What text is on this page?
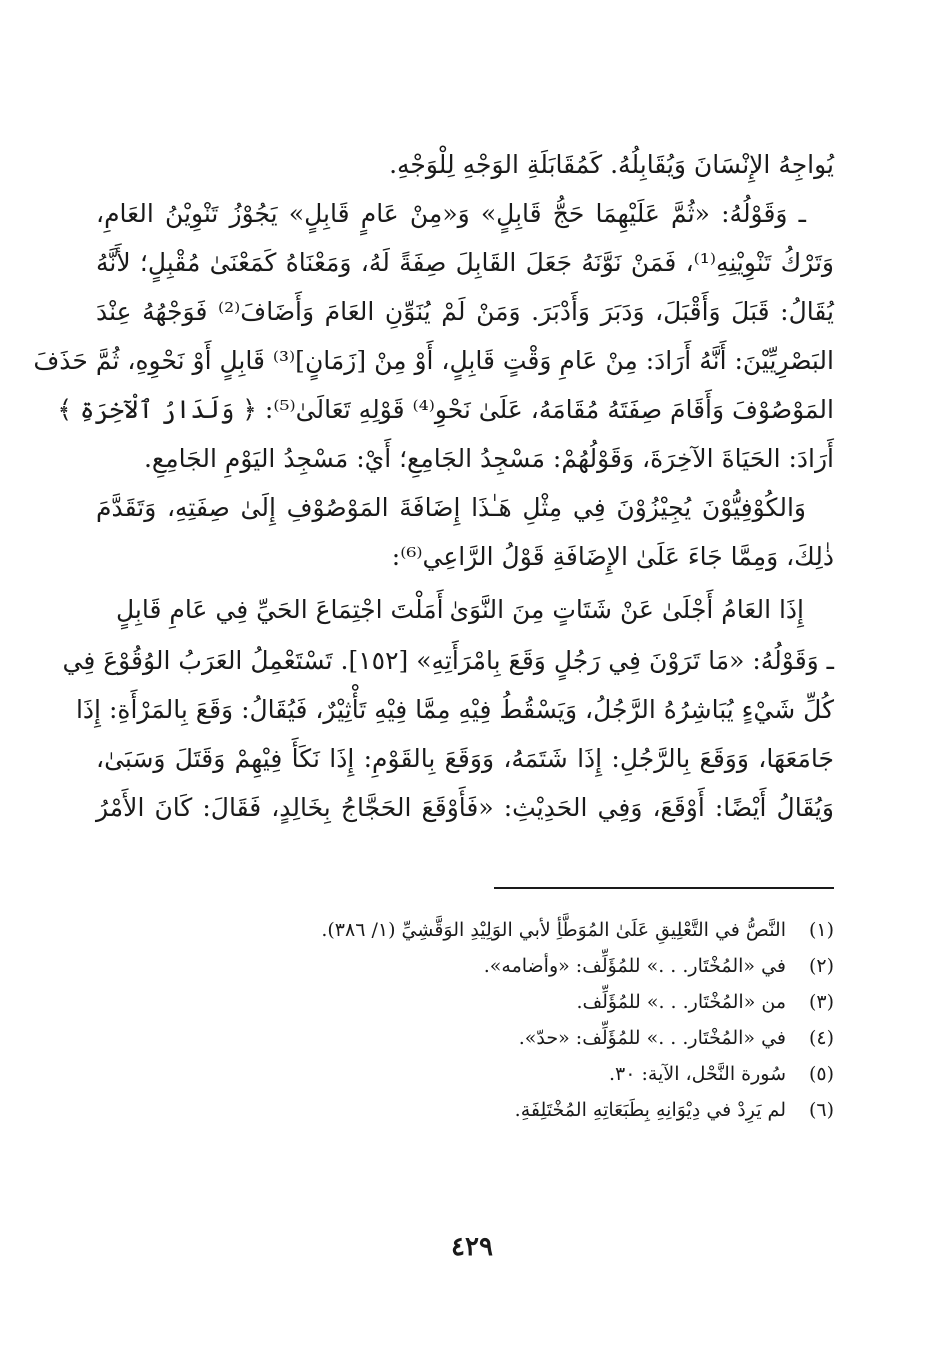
يُواجِهُ الإِنْسَانَ وَيُقَابِلُهُ. كَمُقَابَلَةِ الوَجْهِ لِلْوَجْهِ.
ـ وَقَوْلُهُ: «ثُمَّ عَلَيْهِمَا حَجُّ قَابِلٍ» وَ«مِنْ عَامٍ قَابِلٍ» يَجُوْزُ تَنْوِيْنُ العَامِ،
وَتَرْكُ تَنْوِيْنِهِ⁽¹⁾، فَمَنْ نَوَّنَهُ جَعَلَ القَابِلَ صِفَةً لَهُ، وَمَعْنَاهُ كَمَعْنَىٰ مُقْبِلٍ؛ لأَنَّهُ
يُقَالُ: قَبَلَ وَأَقْبَلَ، وَدَبَرَ وَأَدْبَرَ. وَمَنْ لَمْ يُنَوِّنِ العَامَ وَأَضَافَ⁽²⁾ فَوَجْهُهُ عِنْدَ
البَصْرِيِّيْنَ: أَنَّهُ أَرَادَ: مِنْ عَامِ وَقْتٍ قَابِلٍ، أَوْ مِنْ [زَمَانٍ]⁽³⁾ قَابِلٍ أَوْ نَحْوِهِ، ثُمَّ حَذَفَ
المَوْصُوْفَ وَأَقَامَ صِفَتَهُ مُقَامَهُ، عَلَىٰ نَحْوِ⁽⁴⁾ قَوْلِهِ تَعَالَىٰ⁽⁵⁾: ﴿ وَلَدَارُ ٱلْآخِرَةِ ﴾
أَرَادَ: الحَيَاةَ الآخِرَةَ، وَقَوْلُهُمْ: مَسْجِدُ الجَامِعِ؛ أَيْ: مَسْجِدُ اليَوْمِ الجَامِعِ.
وَالكُوْفِيُّوْنَ يُجِيْزُوْنَ فِي مِثْلِ هَـٰذَا إِضَافَةَ المَوْصُوْفِ إِلَىٰ صِفَتِهِ، وَتَقَدَّمَ
ذٰلِكَ، وَمِمَّا جَاءَ عَلَىٰ الإِضَافَةِ قَوْلُ الرَّاعِي⁽⁶⁾:
إِذَا العَامُ أَجْلَىٰ عَنْ شَتَاتٍ مِنَ النَّوَىٰ
أَمَلْتَ اجْتِمَاعَ الحَيِّ فِي عَامِ قَابِلٍ
ـ وَقَوْلُهُ: «مَا تَرَوْنَ فِي رَجُلٍ وَقَعَ بِامْرَأَتِهِ» [١٥٢]. تَسْتَعْمِلُ العَرَبُ الوُقُوْعَ فِي
كُلِّ شَيْءٍ يُبَاشِرُهُ الرَّجُلُ، وَيَسْقُطُ فِيْهِ مِمَّا فِيْهِ تَأْثِيْرٌ، فَيُقَالُ: وَقَعَ بِالمَرْأَةِ: إِذَا
جَامَعَهَا، وَوَقَعَ بِالرَّجُلِ: إِذَا شَتَمَهُ، وَوَقَعَ بِالقَوْمِ: إِذَا نَكَأَ فِيْهِمْ وَقَتَلَ وَسَبَىٰ،
وَيُقَالُ أَيْضًا: أَوْقَعَ، وَفِي الحَدِيْثِ: «فَأَوْقَعَ الحَجَّاجُ بِخَالِدٍ، فَقَالَ: كَانَ الأَمْرُ
(١)
النَّصُّ في التَّعْلِيقِ عَلَىٰ المُوَطَّأِ لأبي الوَلِيْدِ الوَقَّشِيِّ (١/ ٣٨٦).
(٢)
في «المُخْتَار. . .» للمُؤَلِّف: «وأضامه».
(٣)
من «المُخْتَار. . .» للمُؤَلِّف.
(٤)
في «المُخْتَار. . .» للمُؤَلِّف: «حدّ».
(٥)
سُورة النَّحْل، الآية: ٣٠.
(٦)
لم يَرِدْ في دِيْوَانِهِ بِطَبَعَاتِهِ المُخْتَلِفَةِ.
٤٢٩
